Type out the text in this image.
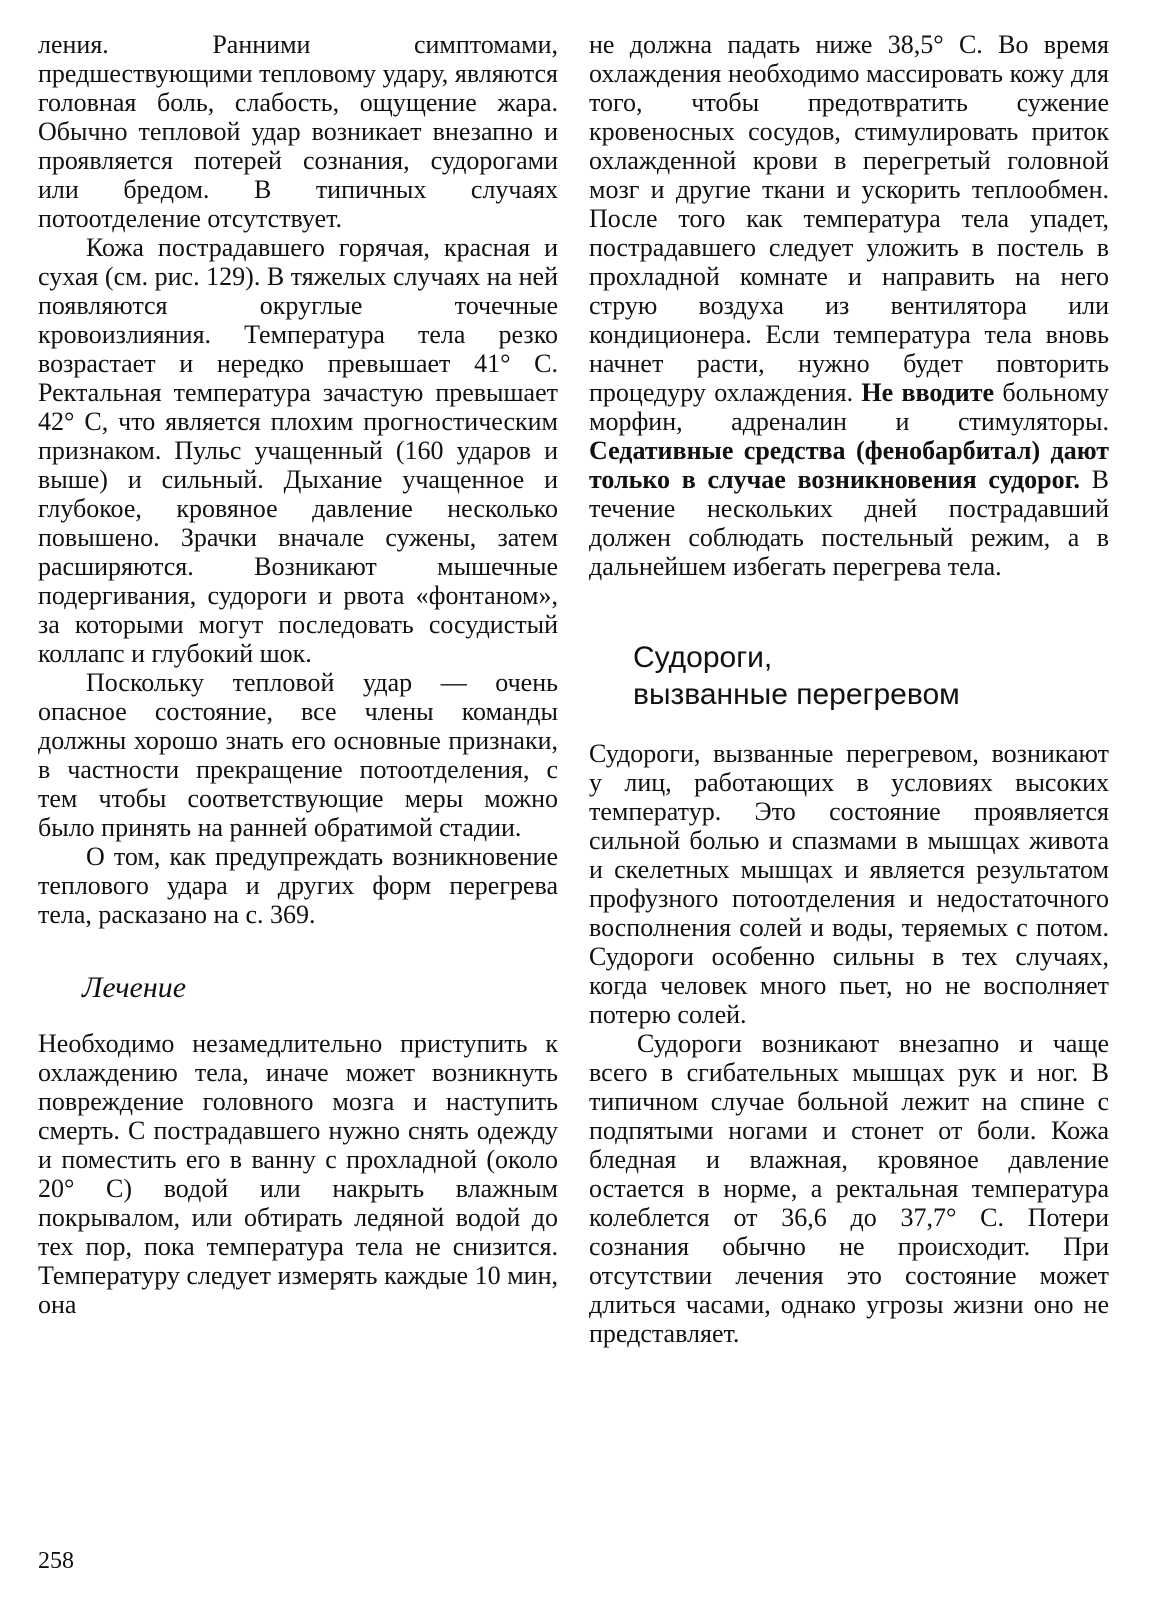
ления. Ранними симптомами, предшествующими тепловому удару, являются головная боль, слабость, ощущение жара. Обычно тепловой удар возникает внезапно и проявляется потерей сознания, судорогами или бредом. В типичных случаях потоотделение отсутствует.

Кожа пострадавшего горячая, красная и сухая (см. рис. 129). В тяжелых случаях на ней появляются округлые точечные кровоизлияния. Температура тела резко возрастает и нередко превышает 41° С. Ректальная температура зачастую превышает 42° С, что является плохим прогностическим признаком. Пульс учащенный (160 ударов и выше) и сильный. Дыхание учащенное и глубокое, кровяное давление несколько повышено. Зрачки вначале сужены, затем расширяются. Возникают мышечные подергивания, судороги и рвота «фонтаном», за которыми могут последовать сосудистый коллапс и глубокий шок.

Поскольку тепловой удар — очень опасное состояние, все члены команды должны хорошо знать его основные признаки, в частности прекращение потоотделения, с тем чтобы соответствующие меры можно было принять на ранней обратимой стадии.

О том, как предупреждать возникновение теплового удара и других форм перегрева тела, расказано на с. 369.

Лечение

Необходимо незамедлительно приступить к охлаждению тела, иначе может возникнуть повреждение головного мозга и наступить смерть. С пострадавшего нужно снять одежду и поместить его в ванну с прохладной (около 20° С) водой или накрыть влажным покрывалом, или обтирать ледяной водой до тех пор, пока температура тела не снизится. Температуру следует измерять каждые 10 мин, она

не должна падать ниже 38,5° С. Во время охлаждения необходимо массировать кожу для того, чтобы предотвратить сужение кровеносных сосудов, стимулировать приток охлажденной крови в перегретый головной мозг и другие ткани и ускорить теплообмен. После того как температура тела упадет, пострадавшего следует уложить в постель в прохладной комнате и направить на него струю воздуха из вентилятора или кондиционера. Если температура тела вновь начнет расти, нужно будет повторить процедуру охлаждения. Не вводите больному морфин, адреналин и стимуляторы. Седативные средства (фенобарбитал) дают только в случае возникновения судорог. В течение нескольких дней пострадавший должен соблюдать постельный режим, а в дальнейшем избегать перегрева тела.

Судороги,
вызванные перегревом

Судороги, вызванные перегревом, возникают у лиц, работающих в условиях высоких температур. Это состояние проявляется сильной болью и спазмами в мышцах живота и скелетных мышцах и является результатом профузного потоотделения и недостаточного восполнения солей и воды, теряемых с потом. Судороги особенно сильны в тех случаях, когда человек много пьет, но не восполняет потерю солей.

Судороги возникают внезапно и чаще всего в сгибательных мышцах рук и ног. В типичном случае больной лежит на спине с подпятыми ногами и стонет от боли. Кожа бледная и влажная, кровяное давление остается в норме, а ректальная температура колеблется от 36,6 до 37,7° С. Потери сознания обычно не происходит. При отсутствии лечения это состояние может длиться часами, однако угрозы жизни оно не представляет.

258
